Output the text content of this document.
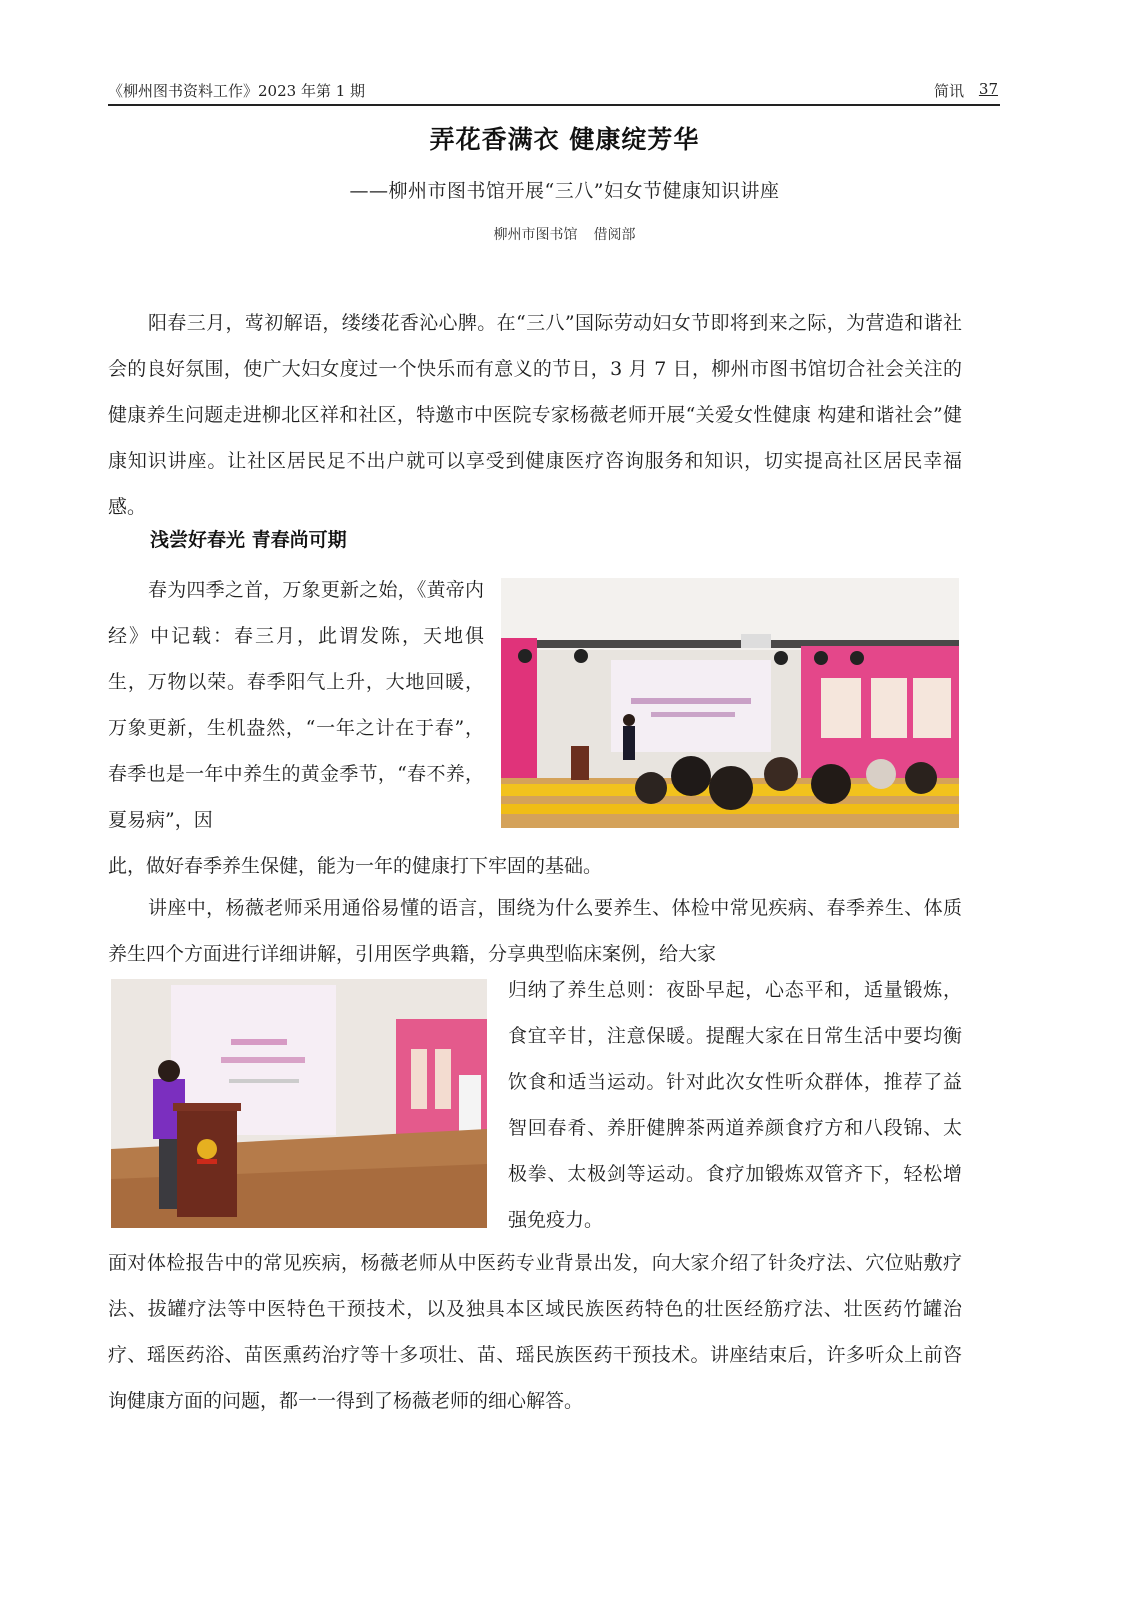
《柳州图书资料工作》2023 年第 1 期	简讯 37
弄花香满衣 健康绽芳华
——柳州市图书馆开展“三八”妇女节健康知识讲座
柳州市图书馆 借阅部
阳春三月，莺初解语，缕缕花香沁心脾。在“三八”国际劳动妇女节即将到来之际，为营造和谐社会的良好氛围，使广大妇女度过一个快乐而有意义的节日，3 月 7 日，柳州市图书馆切合社会关注的健康养生问题走进柳北区祥和社区，特邀市中医院专家杨薇老师开展“关爱女性健康 构建和谐社会”健康知识讲座。让社区居民足不出户就可以享受到健康医疗咨询服务和知识，切实提高社区居民幸福感。
浅尝好春光 青春尚可期
春为四季之首，万象更新之始，《黄帝内经》中记载：春三月，此谓发陈，天地俱生，万物以荣。春季阳气上升，大地回暖，万象更新，生机盎然，“一年之计在于春”，春季也是一年中养生的黄金季节，“春不养，夏易病”，因
此，做好春季养生保健，能为一年的健康打下牢固的基础。
讲座中，杨薇老师采用通俗易懂的语言，围绕为什么要养生、体检中常见疾病、春季养生、体质养生四个方面进行详细讲解，引用医学典籍，分享典型临床案例，给大家
归纳了养生总则：夜卧早起，心态平和，适量锻炼，食宜辛甘，注意保暖。提醒大家在日常生活中要均衡饮食和适当运动。针对此次女性听众群体，推荐了益智回春肴、养肝健脾茶两道养颜食疗方和八段锦、太极拳、太极剑等运动。食疗加锻炼双管齐下，轻松增强免疫力。
面对体检报告中的常见疾病，杨薇老师从中医药专业背景出发，向大家介绍了针灸疗法、穴位贴敷疗法、拔罐疗法等中医特色干预技术，以及独具本区域民族医药特色的壮医经筋疗法、壮医药竹罐治疗、瑶医药浴、苗医熏药治疗等十多项壮、苗、瑶民族医药干预技术。讲座结束后，许多听众上前咨询健康方面的问题，都一一得到了杨薇老师的细心解答。
